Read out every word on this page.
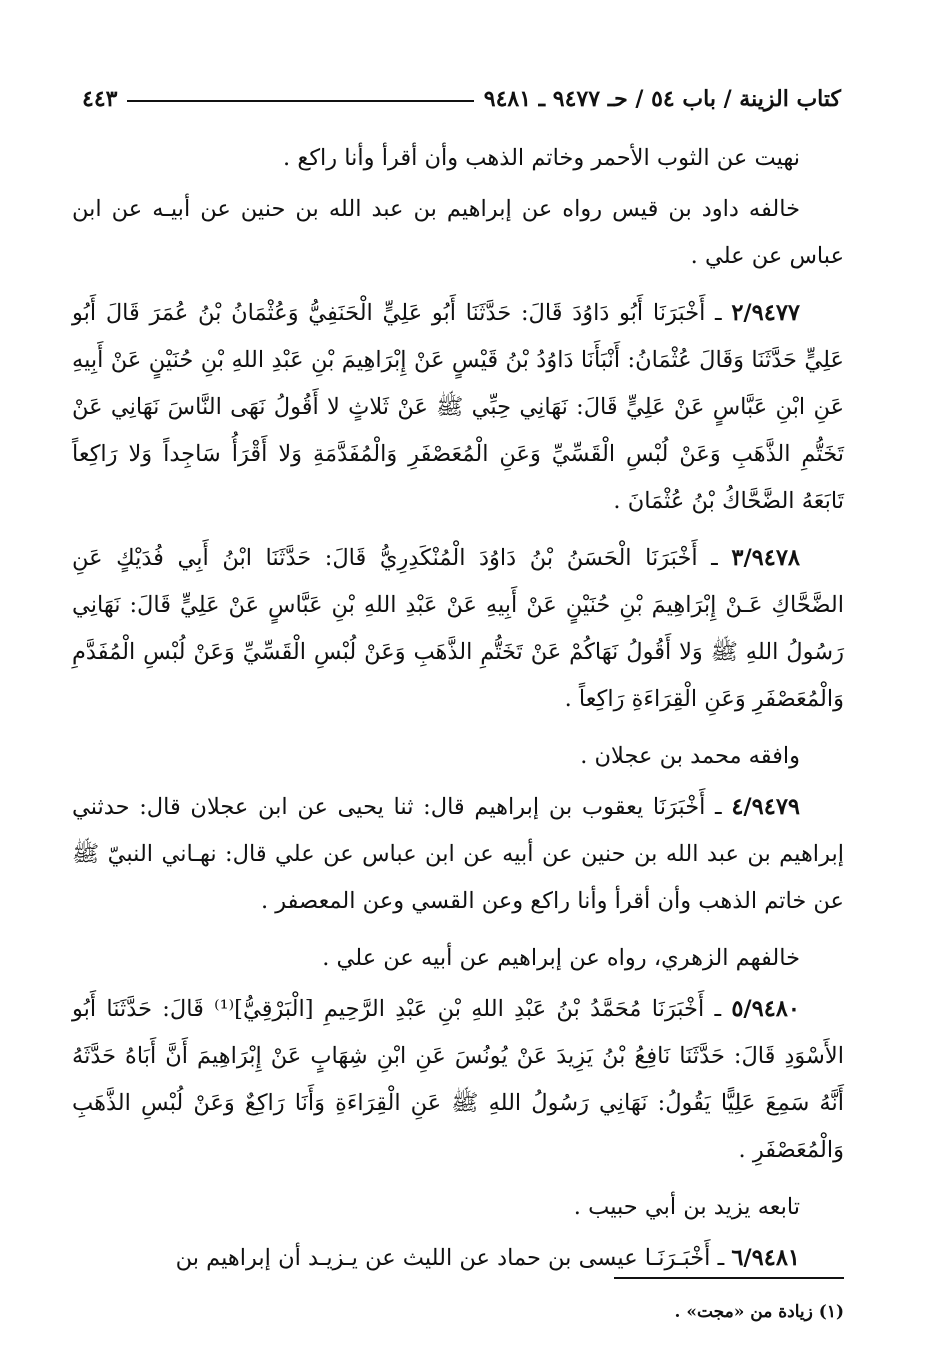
كتاب الزينة / باب ٥٤ / حـ ٩٤٧٧ ـ ٩٤٨١
٤٤٣

نهيت عن الثوب الأحمر وخاتم الذهب وأن أقرأ وأنا راكع .

خالفه داود بن قيس رواه عن إبراهيم بن عبد الله بن حنين عن أبيـه عن ابن عباس عن علي .

٢/٩٤٧٧ ـ أَخْبَرَنَا أَبُو دَاوُدَ قَالَ: حَدَّثَنَا أَبُو عَلِيٍّ الْحَنَفِيُّ وَعُثْمَانُ بْنُ عُمَرَ قَالَ أَبُو عَلِيٍّ حَدَّثَنَا وَقَالَ عُثْمَانُ: أَنْبَأَنَا دَاوُدُ بْنُ قَيْسٍ عَنْ إِبْرَاهِيمَ بْنِ عَبْدِ اللهِ بْنِ حُنَيْنٍ عَنْ أَبِيهِ عَنِ ابْنِ عَبَّاسٍ عَنْ عَلِيٍّ قَالَ: نَهَانِي حِبِّي ﷺ عَنْ ثَلاثٍ لا أَقُولُ نَهَى النَّاسَ نَهَانِي عَنْ تَخَتُّمِ الذَّهَبِ وَعَنْ لُبْسِ الْقَسِّيِّ وَعَنِ الْمُعَصْفَرِ وَالْمُفَدَّمَةِ وَلا أَقْرَأُ سَاجِداً وَلا رَاكِعاً تَابَعَهُ الضَّحَّاكُ بْنُ عُثْمَانَ .

٣/٩٤٧٨ ـ أَخْبَرَنَا الْحَسَنُ بْنُ دَاوُدَ الْمُنْكَدِرِيُّ قَالَ: حَدَّثَنَا ابْنُ أَبِي فُدَيْكٍ عَنِ الضَّحَّاكِ عَـنْ إِبْرَاهِيمَ بْنِ حُنَيْنٍ عَنْ أَبِيهِ عَنْ عَبْدِ اللهِ بْنِ عَبَّاسٍ عَنْ عَلِيٍّ قَالَ: نَهَانِي رَسُولُ اللهِ ﷺ وَلا أَقُولُ نَهَاكُمْ عَنْ تَخَتُّمِ الذَّهَبِ وَعَنْ لُبْسِ الْقَسِّيِّ وَعَنْ لُبْسِ الْمُفَدَّمِ وَالْمُعَصْفَرِ وَعَنِ الْقِرَاءَةِ رَاكِعاً .

وافقه محمد بن عجلان .

٤/٩٤٧٩ ـ أَخْبَرَنَا يعقوب بن إبراهيم قال: ثنا يحيى عن ابن عجلان قال: حدثني إبراهيم بن عبد الله بن حنين عن أبيه عن ابن عباس عن علي قال: نهـاني النبيّ ﷺ عن خاتم الذهب وأن أقرأ وأنا راكع وعن القسي وعن المعصفر .

خالفهم الزهري، رواه عن إبراهيم عن أبيه عن علي .

٥/٩٤٨٠ ـ أَخْبَرَنَا مُحَمَّدُ بْنُ عَبْدِ اللهِ بْنِ عَبْدِ الرَّحِيمِ [الْبَرْقِيُّ]⁽¹⁾ قَالَ: حَدَّثَنَا أَبُو الأَسْوَدِ قَالَ: حَدَّثَنَا نَافِعُ بْنُ يَزِيدَ عَنْ يُونُسَ عَنِ ابْنِ شِهَابٍ عَنْ إِبْرَاهِيمَ أَنَّ أَبَاهُ حَدَّثَهُ أَنَّهُ سَمِعَ عَلِيًّا يَقُولُ: نَهَانِي رَسُولُ اللهِ ﷺ عَنِ الْقِرَاءَةِ وَأَنَا رَاكِعٌ وَعَنْ لُبْسِ الذَّهَبِ وَالْمُعَصْفَرِ .

تابعه يزيد بن أبي حبيب .

٦/٩٤٨١ ـ أَخْبَـرَنَـا عيسى بن حماد عن الليث عن يـزيـد أن إبراهيم بن

(١) زيادة من «مجت» .
